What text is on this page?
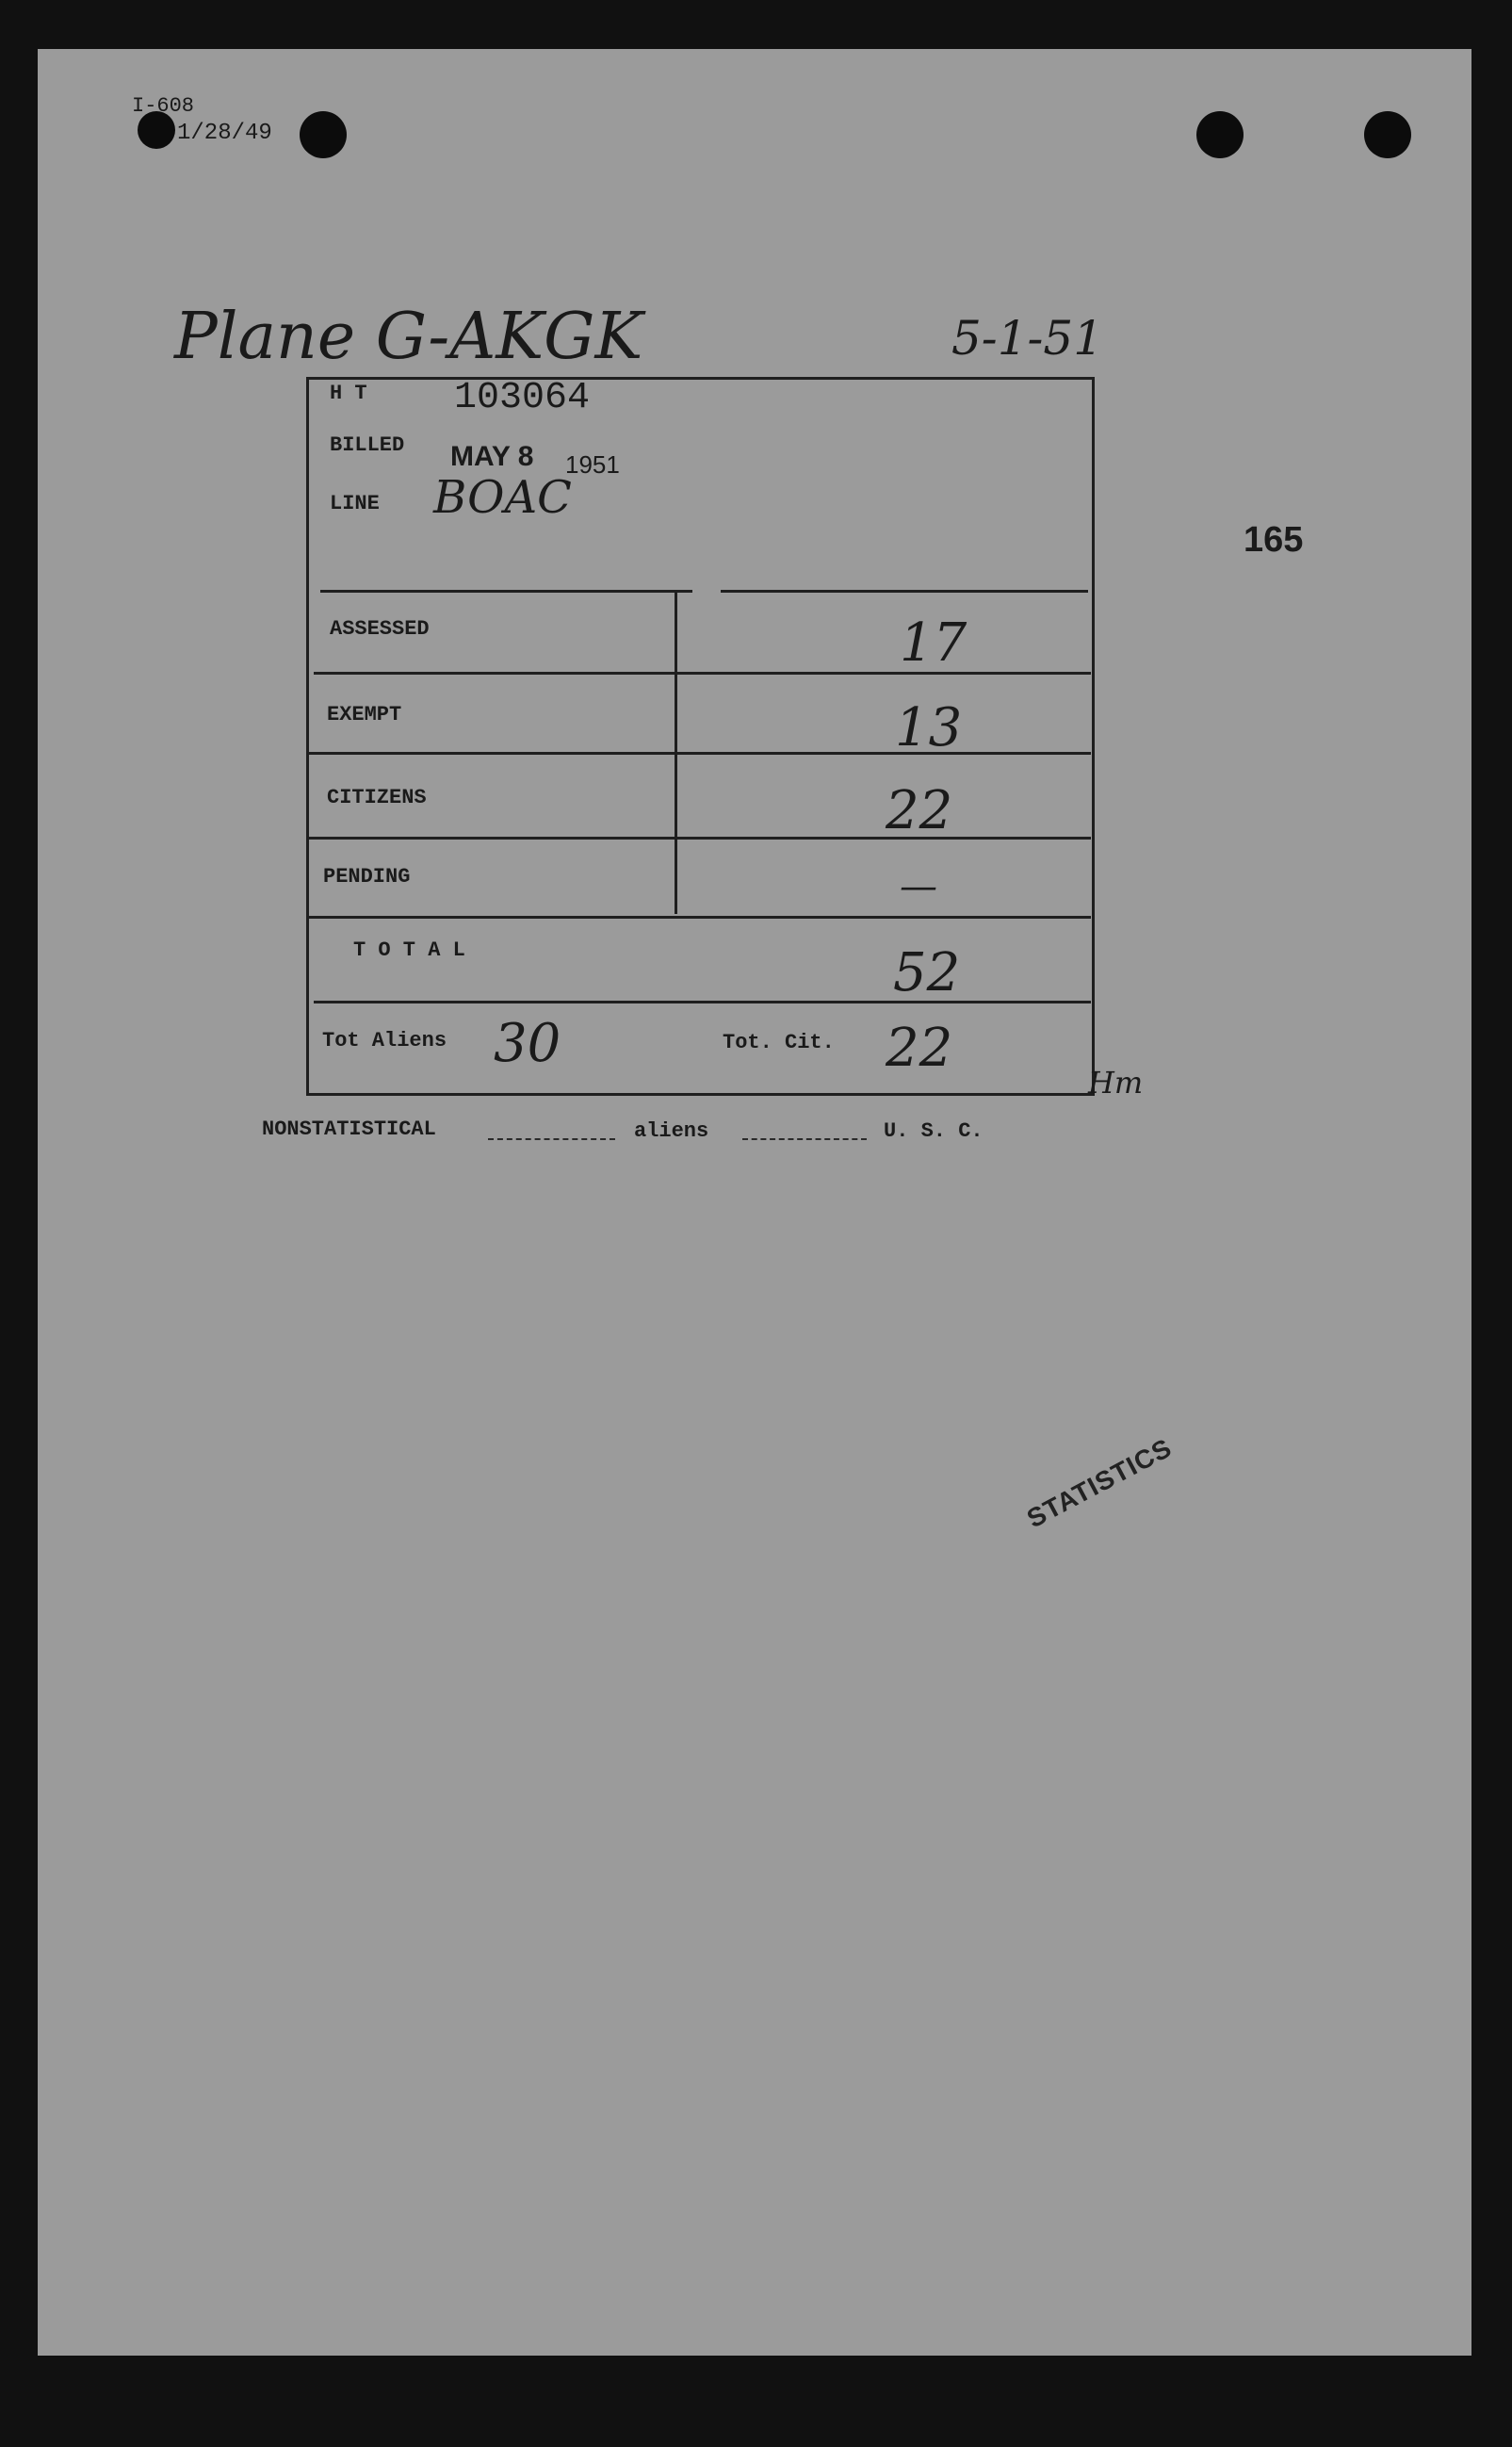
I-608
1/28/49
Plane G-AKGK	5-1-51
165
H T 103064
BILLED MAY 8 1951
LINE BOAC
ASSESSED	17
EXEMPT	13
CITIZENS	22
PENDING	—
T O T A L	52
Tot Aliens 30	Tot. Cit. 22
Hm
NONSTATISTICAL	aliens	U. S. C.
STATISTICS
